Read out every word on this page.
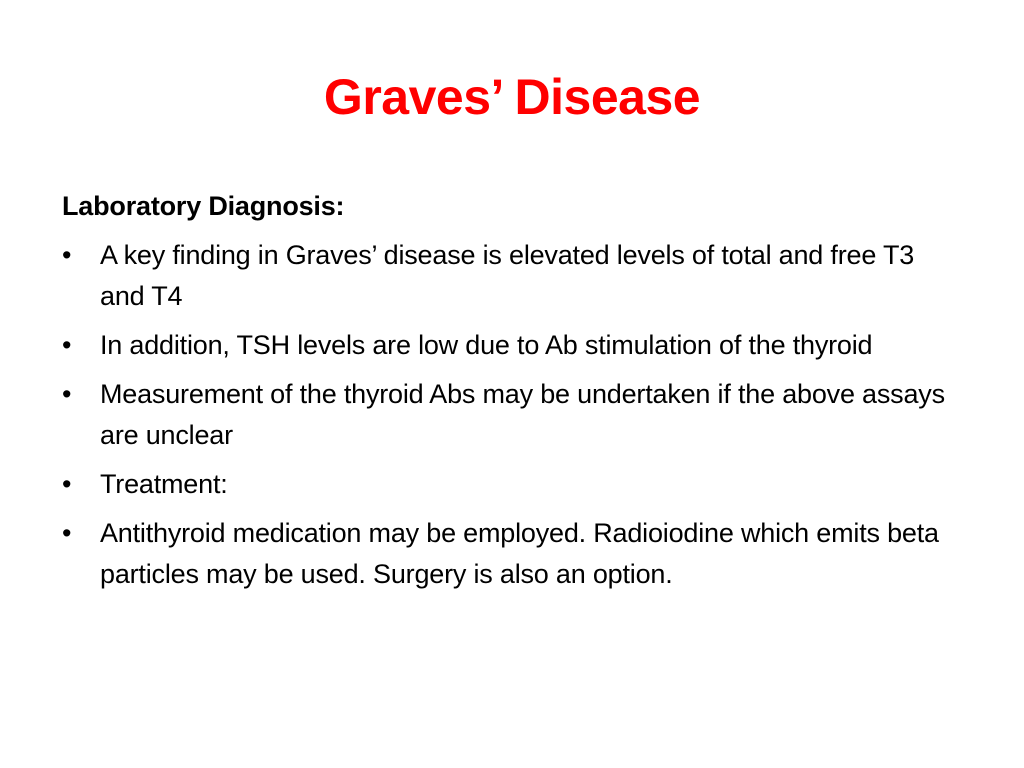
Graves’ Disease
Laboratory Diagnosis:
•	A key finding in Graves’ disease is elevated levels of total and free T3 and T4
•	In addition, TSH levels are low due to Ab stimulation of the thyroid
•	Measurement of the thyroid Abs may be undertaken if the above assays are unclear
•	Treatment:
•	Antithyroid medication may be employed. Radioiodine which emits beta particles may be used. Surgery is also an option.
